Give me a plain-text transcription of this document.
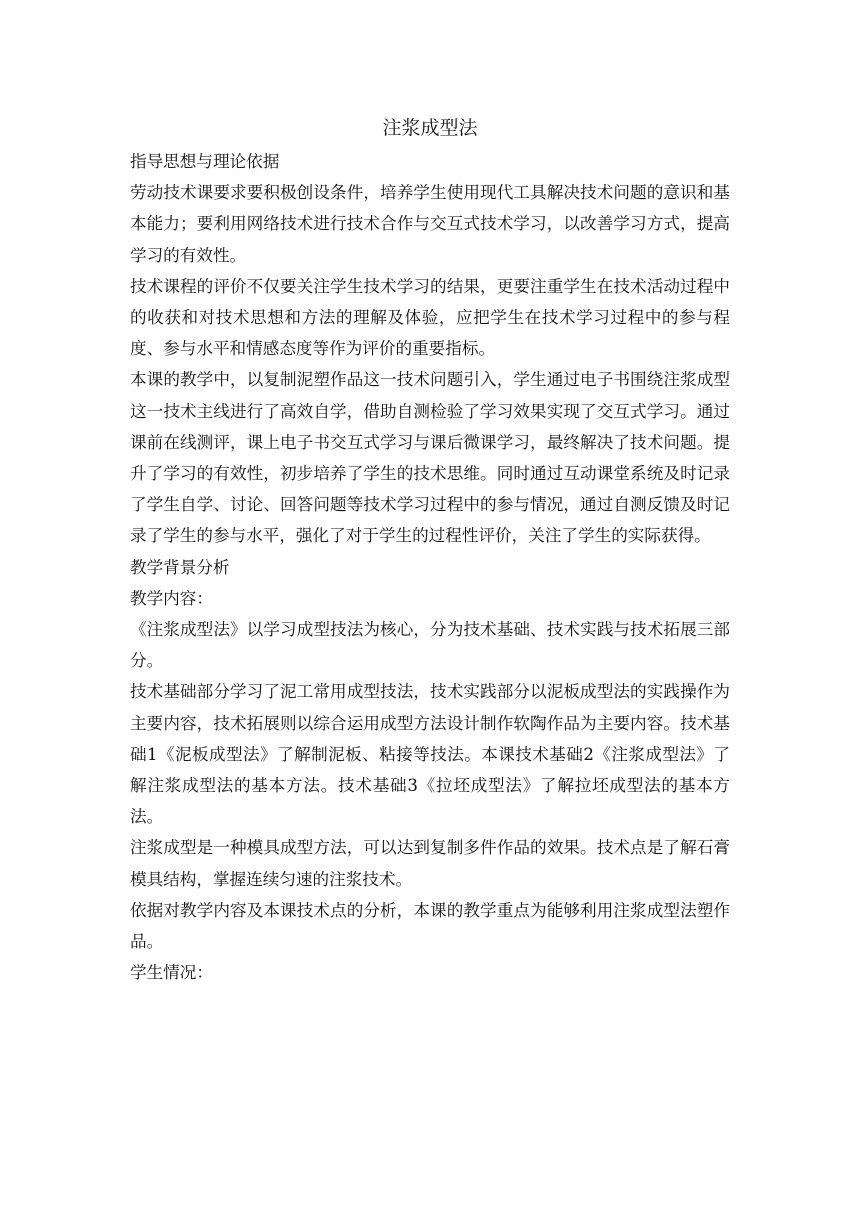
注浆成型法

指导思想与理论依据

劳动技术课要求要积极创设条件，培养学生使用现代工具解决技术问题的意识和基本能力；要利用网络技术进行技术合作与交互式技术学习，以改善学习方式，提高学习的有效性。

技术课程的评价不仅要关注学生技术学习的结果，更要注重学生在技术活动过程中的收获和对技术思想和方法的理解及体验，应把学生在技术学习过程中的参与程度、参与水平和情感态度等作为评价的重要指标。

本课的教学中，以复制泥塑作品这一技术问题引入，学生通过电子书围绕注浆成型这一技术主线进行了高效自学，借助自测检验了学习效果实现了交互式学习。通过课前在线测评，课上电子书交互式学习与课后微课学习，最终解决了技术问题。提升了学习的有效性，初步培养了学生的技术思维。同时通过互动课堂系统及时记录了学生自学、讨论、回答问题等技术学习过程中的参与情况，通过自测反馈及时记录了学生的参与水平，强化了对于学生的过程性评价，关注了学生的实际获得。

教学背景分析

教学内容：

《注浆成型法》以学习成型技法为核心，分为技术基础、技术实践与技术拓展三部分。

技术基础部分学习了泥工常用成型技法，技术实践部分以泥板成型法的实践操作为主要内容，技术拓展则以综合运用成型方法设计制作软陶作品为主要内容。技术基础1《泥板成型法》了解制泥板、粘接等技法。本课技术基础2《注浆成型法》了解注浆成型法的基本方法。技术基础3《拉坯成型法》了解拉坯成型法的基本方法。

注浆成型是一种模具成型方法，可以达到复制多件作品的效果。技术点是了解石膏模具结构，掌握连续匀速的注浆技术。

依据对教学内容及本课技术点的分析，本课的教学重点为能够利用注浆成型法塑作品。

学生情况：
